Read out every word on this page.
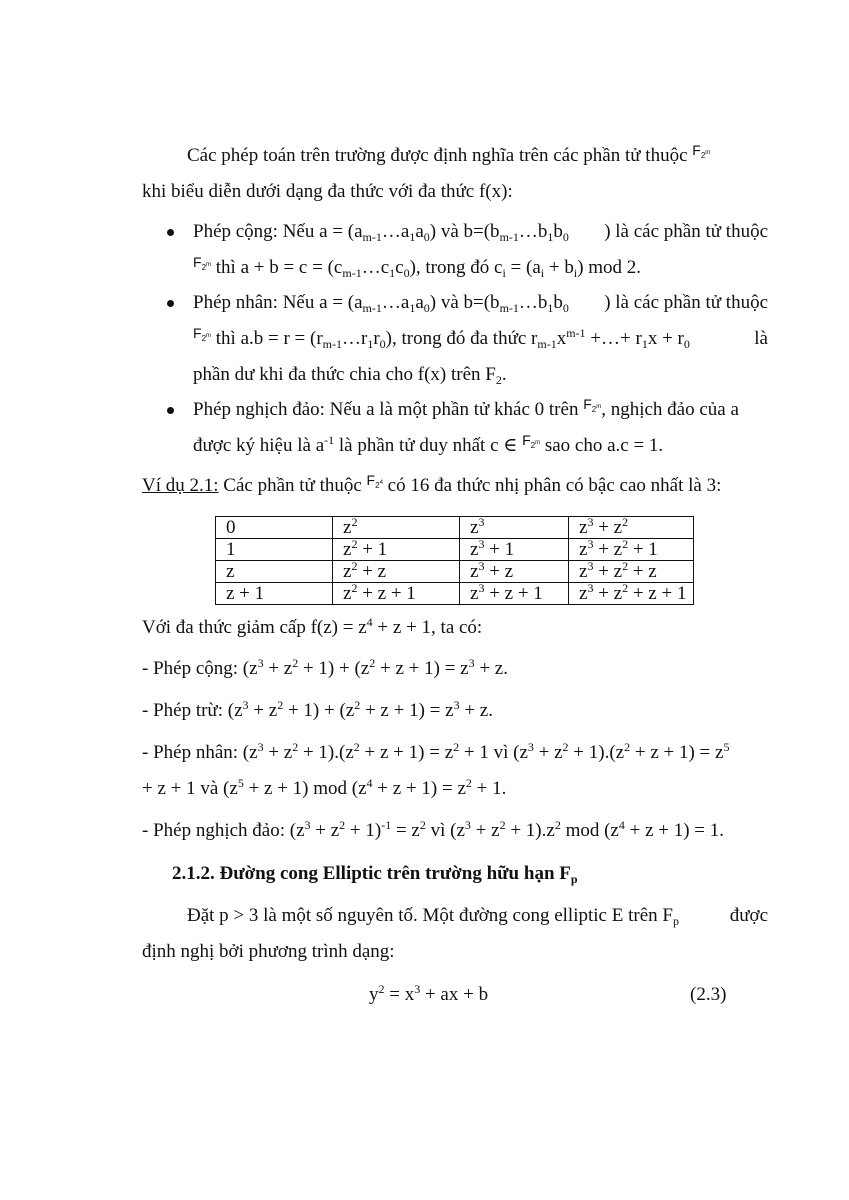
Các phép toán trên trường được định nghĩa trên các phần tử thuộc $^{F_{2^m}}$
khi biểu diễn dưới dạng đa thức với đa thức f(x):
Phép cộng: Nếu $a = (a_{m-1}\dots a_1a_0)$ và $b=(b_{m-1}\dots b_1b_0$ ) là các phần tử thuộc
$^{F_{2^m}}$ thì $a + b = c = (c_{m-1}\dots c_1c_0)$, trong đó $c_i = (a_i + b_i)$ mod 2.
Phép nhân: Nếu $a = (a_{m-1}\dots a_1a_0)$ và $b=(b_{m-1}\dots b_1b_0$ ) là các phần tử thuộc
$^{F_{2^m}}$ thì $a.b = r = (r_{m-1}\dots r_1r_0)$, trong đó đa thức $r_{m-1}x^{m-1}$ +…+ $r_1x + r_0$	là
phần dư khi đa thức chia cho f(x) trên $F_2$.
Phép nghịch đảo: Nếu a là một phần tử khác 0 trên $^{F_{2^m}}$, nghịch đảo của a
được ký hiệu là $a^{-1}$ là phần tử duy nhất c ∈ $^{F_{2^m}}$ sao cho a.c = 1.
Ví dụ 2.1: Các phần tử thuộc $^{F_{2^4}}$ có 16 đa thức nhị phân có bậc cao nhất là 3:
0	$z^2$	$z^3$	$z^3 + z^2$
1	$z^2 + 1$	$z^3 + 1$	$z^3 + z^2 + 1$
z	$z^2 + z$	$z^3 + z$	$z^3 + z^2 + z$
z + 1	$z^2 + z + 1$	$z^3 + z + 1$	$z^3 + z^2 + z + 1$
Với đa thức giảm cấp $f(z) = z^4 + z + 1$, ta có:
- Phép cộng: $(z^3 + z^2 + 1) + (z^2 + z + 1) = z^3 + z$.
- Phép trừ: $(z^3 + z^2 + 1) + (z^2 + z + 1) = z^3 + z$.
- Phép nhân: $(z^3 + z^2 + 1).(z^2 + z + 1) = z^2 + 1$ vì $(z^3 + z^2 + 1).(z^2 + z + 1) = z^5$
+ z + 1 và $(z^5 + z + 1)$ mod $(z^4 + z + 1) = z^2 + 1$.
- Phép nghịch đảo: $(z^3 + z^2 + 1)^{-1} = z^2$ vì $(z^3 + z^2 + 1).z^2$ mod $(z^4 + z + 1) = 1$.
2.1.2. Đường cong Elliptic trên trường hữu hạn $F_p$
Đặt p > 3 là một số nguyên tố. Một đường cong elliptic E trên $F_p$	được
định nghị bởi phương trình dạng:
$y^2 = x^3$ + ax + b	(2.3)
